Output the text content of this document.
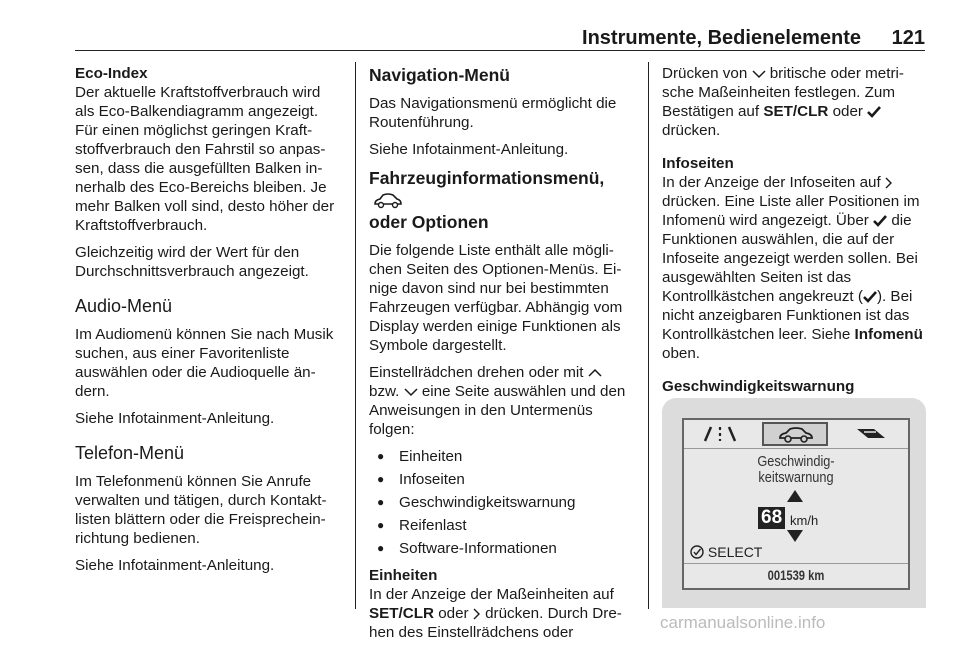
Instrumente, Bedienelemente 121

Eco-Index

Der aktuelle Kraftstoffverbrauch wird als Eco-Balkendiagramm angezeigt. Für einen möglichst geringen Kraftstoffverbrauch den Fahrstil so anpassen, dass die ausgefüllten Balken innerhalb des Eco-Bereichs bleiben. Je mehr Balken voll sind, desto höher der Kraftstoffverbrauch.

Gleichzeitig wird der Wert für den Durchschnittsverbrauch angezeigt.

Audio-Menü

Im Audiomenü können Sie nach Musik suchen, aus einer Favoritenliste auswählen oder die Audioquelle ändern.

Siehe Infotainment-Anleitung.

Telefon-Menü

Im Telefonmenü können Sie Anrufe verwalten und tätigen, durch Kontaktlisten blättern oder die Freisprecheinrichtung bedienen.

Siehe Infotainment-Anleitung.

Navigation-Menü

Das Navigationsmenü ermöglicht die Routenführung.

Siehe Infotainment-Anleitung.

Fahrzeuginformationsmenü,
oder Optionen

Die folgende Liste enthält alle möglichen Seiten des Optionen-Menüs. Einige davon sind nur bei bestimmten Fahrzeugen verfügbar. Abhängig vom Display werden einige Funktionen als Symbole dargestellt.

Einstellrädchen drehen oder mit
bzw. eine Seite auswählen und den Anweisungen in den Untermenüs folgen:

● Einheiten
● Infoseiten
● Geschwindigkeitswarnung
● Reifenlast
● Software-Informationen

Einheiten

In der Anzeige der Maßeinheiten auf SET/CLR oder drücken. Durch Drehen des Einstellrädchens oder

Drücken von britische oder metrische Maßeinheiten festlegen. Zum Bestätigen auf SET/CLR oder
drücken.

Infoseiten

In der Anzeige der Infoseiten auf  drücken. Eine Liste aller Positionen im Infomenü wird angezeigt. Über die Funktionen auswählen, die auf der Infoseite angezeigt werden sollen. Bei ausgewählten Seiten ist das Kontrollkästchen angekreuzt ( ). Bei nicht anzeigbaren Funktionen ist das Kontrollkästchen leer. Siehe Infomenü oben.

Geschwindigkeitswarnung

Geschwindig-
keitswarnung
68 km/h
SELECT
001539 km
carmanualsonline.info
